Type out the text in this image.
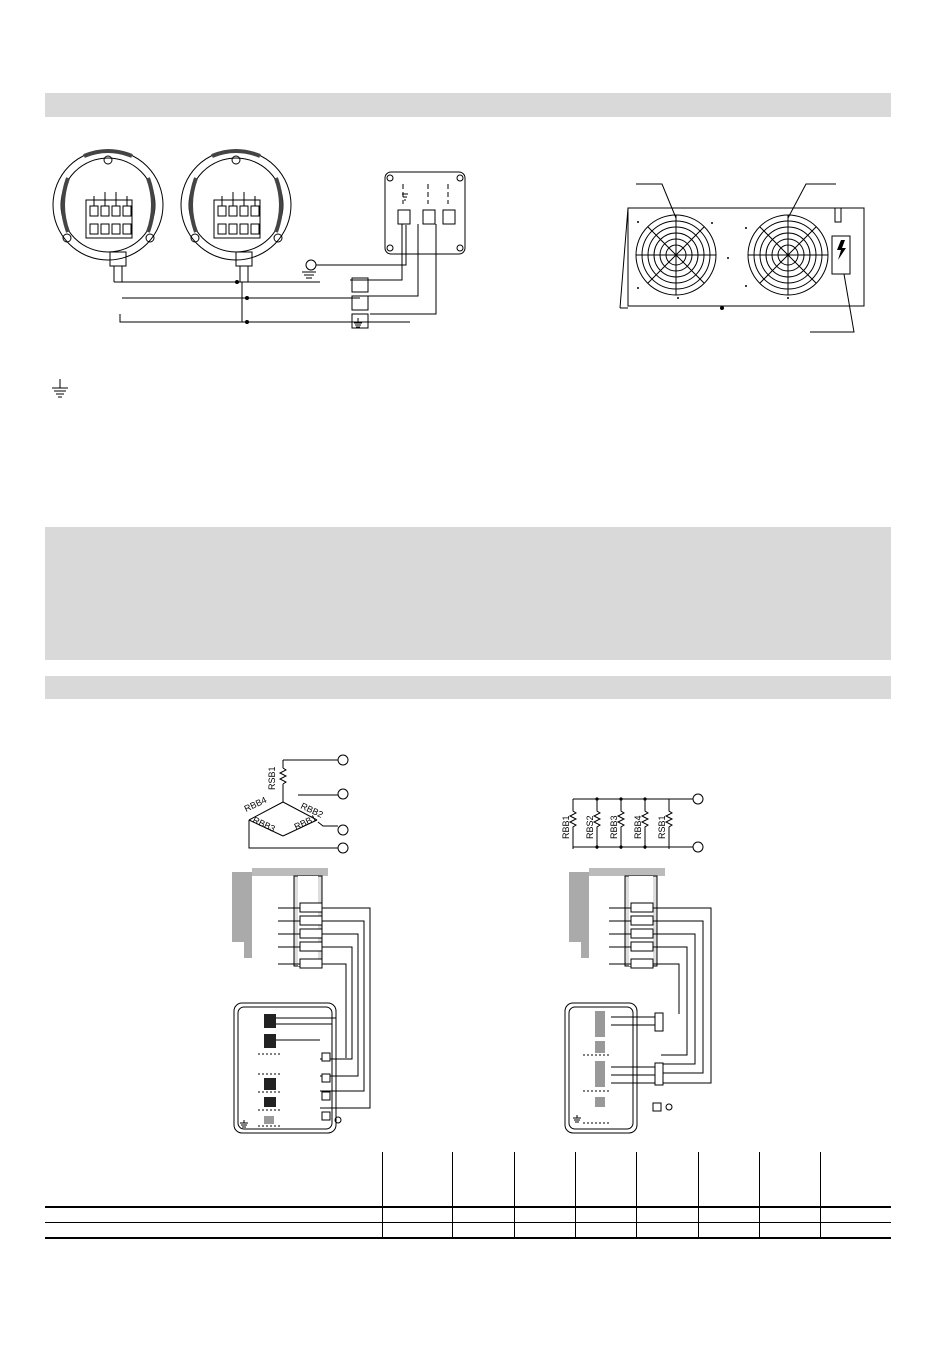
RSB1
RBB4
RBB3
RBB2
RBB1	RBB1 RBS2 RBB3 RBB4 RSB1
